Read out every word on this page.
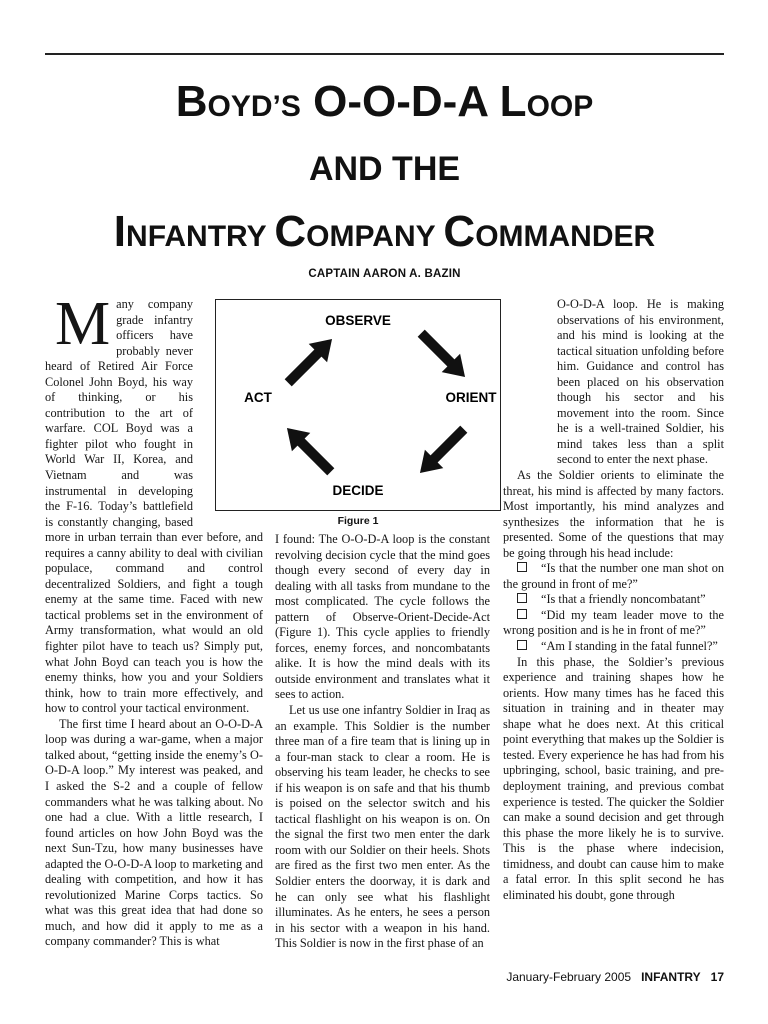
BOYD’S O-O-D-A LOOP
AND THE
INFANTRY COMPANY COMMANDER
CAPTAIN AARON A. BAZIN

Many company grade infantry officers have probably never heard of Retired Air Force Colonel John Boyd, his way of thinking, or his contribution to the art of warfare. COL Boyd was a fighter pilot who fought in World War II, Korea, and Vietnam and was instrumental in developing the F-16. Today’s battlefield is constantly changing, based more in urban terrain than ever before, and requires a canny ability to deal with civilian populace, command and control decentralized Soldiers, and fight a tough enemy at the same time. Faced with new tactical problems set in the environment of Army transformation, what would an old fighter pilot have to teach us? Simply put, what John Boyd can teach you is how the enemy thinks, how you and your Soldiers think, how to train more effectively, and how to control your tactical environment.

The first time I heard about an O-O-D-A loop was during a war-game, when a major talked about, “getting inside the enemy’s O-O-D-A loop.” My interest was peaked, and I asked the S-2 and a couple of fellow commanders what he was talking about. No one had a clue. With a little research, I found articles on how John Boyd was the next Sun-Tzu, how many businesses have adapted the O-O-D-A loop to marketing and dealing with competition, and how it has revolutionized Marine Corps tactics. So what was this great idea that had done so much, and how did it apply to me as a company commander? This is what

OBSERVE
ORIENT
DECIDE
ACT
Figure 1

I found: The O-O-D-A loop is the constant revolving decision cycle that the mind goes though every second of every day in dealing with all tasks from mundane to the most complicated. The cycle follows the pattern of Observe-Orient-Decide-Act (Figure 1). This cycle applies to friendly forces, enemy forces, and noncombatants alike. It is how the mind deals with its outside environment and translates what it sees to action.

Let us use one infantry Soldier in Iraq as an example. This Soldier is the number three man of a fire team that is lining up in a four-man stack to clear a room. He is observing his team leader, he checks to see if his weapon is on safe and that his thumb is poised on the selector switch and his tactical flashlight on his weapon is on. On the signal the first two men enter the dark room with our Soldier on their heels. Shots are fired as the first two men enter. As the Soldier enters the doorway, it is dark and he can only see what his flashlight illuminates. As he enters, he sees a person in his sector with a weapon in his hand. This Soldier is now in the first phase of an

O-O-D-A loop. He is making observations of his environment, and his mind is looking at the tactical situation unfolding before him. Guidance and control has been placed on his observation though his sector and his movement into the room. Since he is a well-trained Soldier, his mind takes less than a split second to enter the next phase.

As the Soldier orients to eliminate the threat, his mind is affected by many factors. Most importantly, his mind analyzes and synthesizes the information that he is presented. Some of the questions that may be going through his head include:

“Is that the number one man shot on the ground in front of me?”

“Is that a friendly noncombatant”

“Did my team leader move to the wrong position and is he in front of me?”

“Am I standing in the fatal funnel?”

In this phase, the Soldier’s previous experience and training shapes how he orients. How many times has he faced this situation in training and in theater may shape what he does next. At this critical point everything that makes up the Soldier is tested. Every experience he has had from his upbringing, school, basic training, and pre-deployment training, and previous combat experience is tested. The quicker the Soldier can make a sound decision and get through this phase the more likely he is to survive. This is the phase where indecision, timidness, and doubt can cause him to make a fatal error. In this split second he has eliminated his doubt, gone through

January-February 2005 INFANTRY 17
